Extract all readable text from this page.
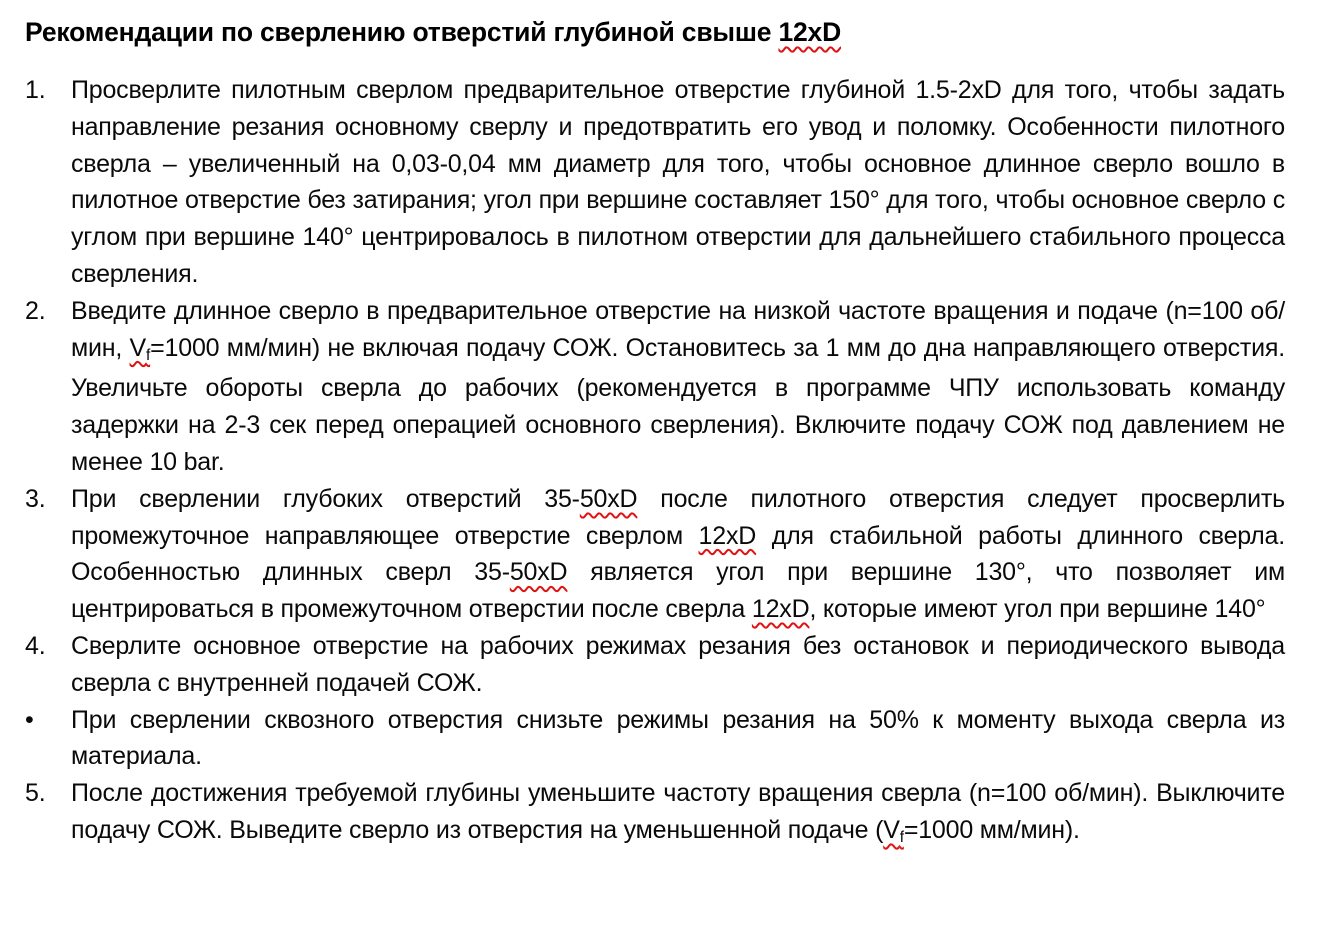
Рекомендации по сверлению отверстий глубиной свыше 12xD
1.	Просверлите пилотным сверлом предварительное отверстие глубиной 1.5-2xD для того, чтобы задать направление резания основному сверлу и предотвратить его увод и поломку. Особенности пилотного сверла – увеличенный на 0,03-0,04 мм диаметр для того, чтобы основное длинное сверло вошло в пилотное отверстие без затирания; угол при вершине составляет 150° для того, чтобы основное сверло с углом при вершине 140° центрировалось в пилотном отверстии для дальнейшего стабильного процесса сверления.
2.	Введите длинное сверло в предварительное отверстие на низкой частоте вращения и подаче (n=100 об/мин, Vf=1000 мм/мин) не включая подачу СОЖ. Остановитесь за 1 мм до дна направляющего отверстия. Увеличьте обороты сверла до рабочих (рекомендуется в программе ЧПУ использовать команду задержки на 2-3 сек перед операцией основного сверления). Включите подачу СОЖ под давлением не менее 10 bar.
3.	При сверлении глубоких отверстий 35-50xD после пилотного отверстия следует просверлить промежуточное направляющее отверстие сверлом 12xD для стабильной работы длинного сверла. Особенностью длинных сверл 35-50xD является угол при вершине 130°, что позволяет им центрироваться в промежуточном отверстии после сверла 12xD, которые имеют угол при вершине 140°
4.	Сверлите основное отверстие на рабочих режимах резания без остановок и периодического вывода сверла с внутренней подачей СОЖ.
•	При сверлении сквозного отверстия снизьте режимы резания на 50% к моменту выхода сверла из материала.
5.	После достижения требуемой глубины уменьшите частоту вращения сверла (n=100 об/мин). Выключите подачу СОЖ. Выведите сверло из отверстия на уменьшенной подаче (Vf=1000 мм/мин).
